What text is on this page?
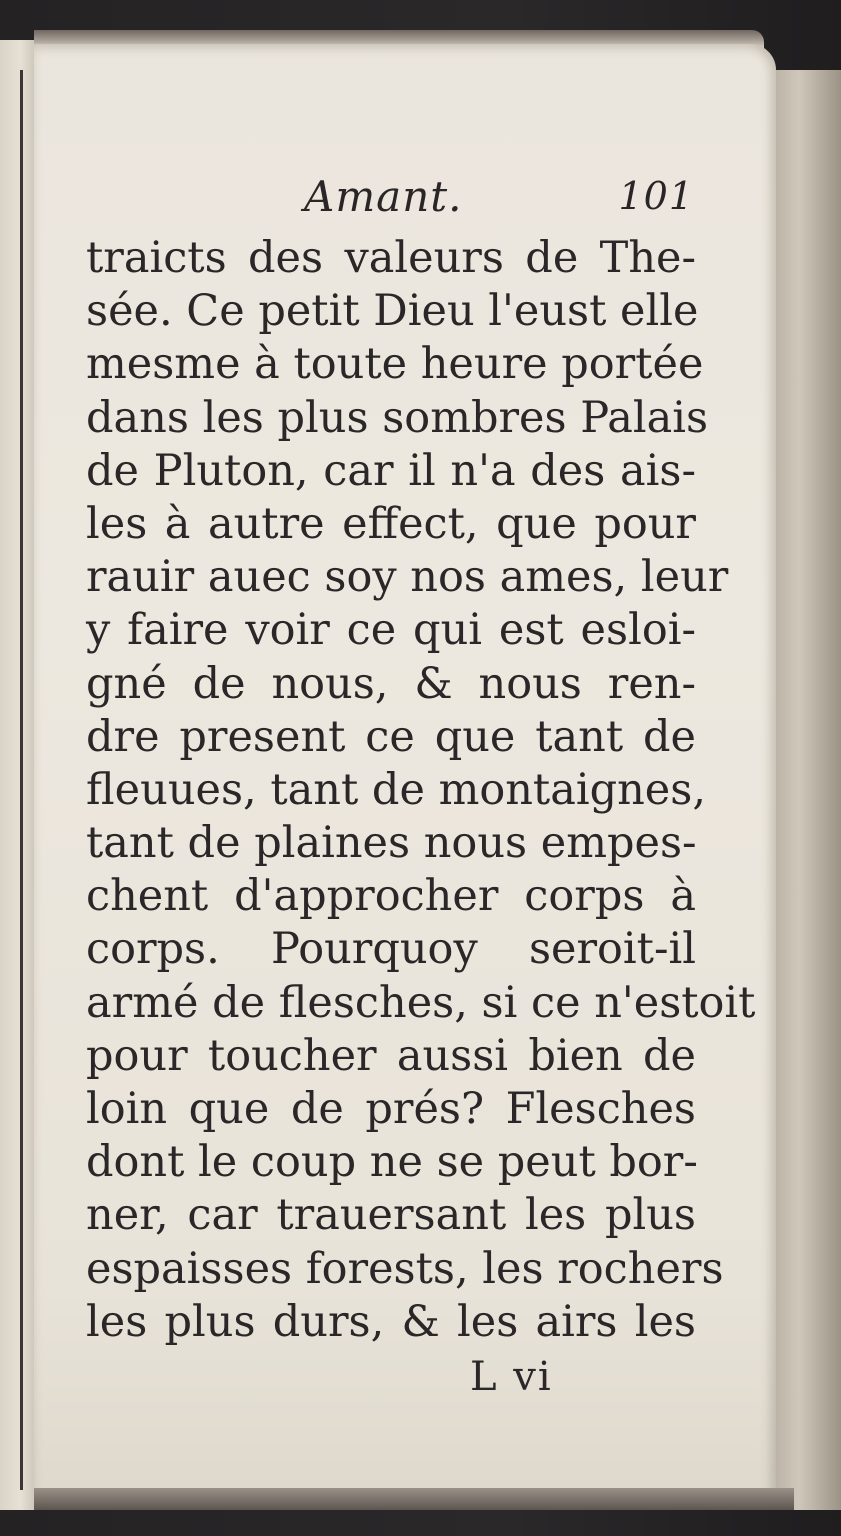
Amant.	101
traicts des valeurs de The-
sée. Ce petit Dieu l'eust elle
mesme à toute heure portée
dans les plus sombres Palais
de Pluton, car il n'a des ais-
les à autre effect, que pour
rauir auec soy nos ames, leur
y faire voir ce qui est esloi-
gné de nous, & nous ren-
dre present ce que tant de
fleuues, tant de montaignes,
tant de plaines nous empes-
chent d'approcher corps à
corps. Pourquoy seroit-il
armé de flesches, si ce n'estoit
pour toucher aussi bien de
loin que de prés? Flesches
dont le coup ne se peut bor-
ner, car trauersant les plus
espaisses forests, les rochers
les plus durs, & les airs les
L vi
